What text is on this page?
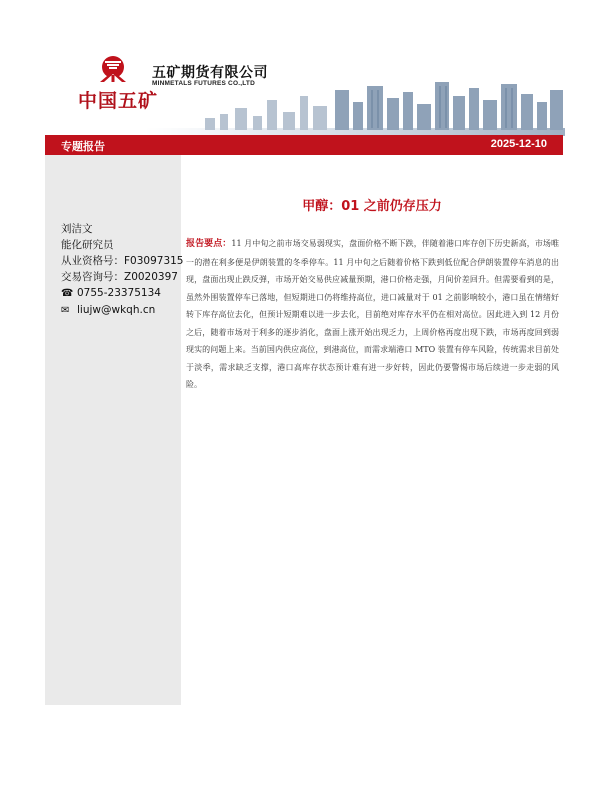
中国五矿
五矿期货有限公司
MINMETALS FUTURES CO.,LTD
专题报告	2025-12-10
刘洁文
能化研究员
从业资格号：F03097315
交易咨询号：Z0020397
☎ 0755-23375134
✉ liujw@wkqh.cn
甲醇：01 之前仍存压力
报告要点：11 月中旬之前市场交易弱现实，盘面价格不断下跌，伴随着港口库存创下历史新高，市场唯一的潜在利多便是伊朗装置的冬季停车。11 月中旬之后随着价格下跌到低位配合伊朗装置停车消息的出现，盘面出现止跌反弹，市场开始交易供应减量预期，港口价格走强，月间价差回升。但需要看到的是，虽然外围装置停车已落地，但短期进口仍将维持高位，进口减量对于 01 之前影响较小，港口虽在情绪好转下库存高位去化，但预计短期难以进一步去化，目前绝对库存水平仍在相对高位。因此进入到 12 月份之后，随着市场对于利多的逐步消化，盘面上涨开始出现乏力，上周价格再度出现下跌，市场再度回到弱现实的问题上来。当前国内供应高位，到港高位，而需求端港口 MTO 装置有停车风险，传统需求目前处于淡季，需求缺乏支撑，港口高库存状态预计难有进一步好转，因此仍要警惕市场后续进一步走弱的风险。
